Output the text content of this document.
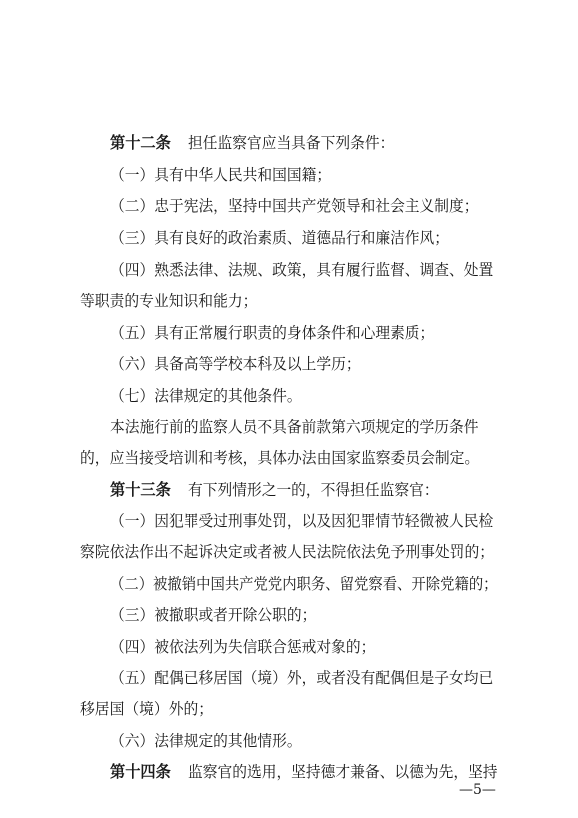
第十二条 担任监察官应当具备下列条件：
（一）具有中华人民共和国国籍；
（二）忠于宪法，坚持中国共产党领导和社会主义制度；
（三）具有良好的政治素质、道德品行和廉洁作风；
（四）熟悉法律、法规、政策，具有履行监督、调查、处置
等职责的专业知识和能力；
（五）具有正常履行职责的身体条件和心理素质；
（六）具备高等学校本科及以上学历；
（七）法律规定的其他条件。
本法施行前的监察人员不具备前款第六项规定的学历条件
的，应当接受培训和考核，具体办法由国家监察委员会制定。
第十三条 有下列情形之一的，不得担任监察官：
（一）因犯罪受过刑事处罚，以及因犯罪情节轻微被人民检
察院依法作出不起诉决定或者被人民法院依法免予刑事处罚的；
（二）被撤销中国共产党党内职务、留党察看、开除党籍的；
（三）被撤职或者开除公职的；
（四）被依法列为失信联合惩戒对象的；
（五）配偶已移居国（境）外，或者没有配偶但是子女均已
移居国（境）外的；
（六）法律规定的其他情形。
第十四条 监察官的选用，坚持德才兼备、以德为先，坚持
—5—
